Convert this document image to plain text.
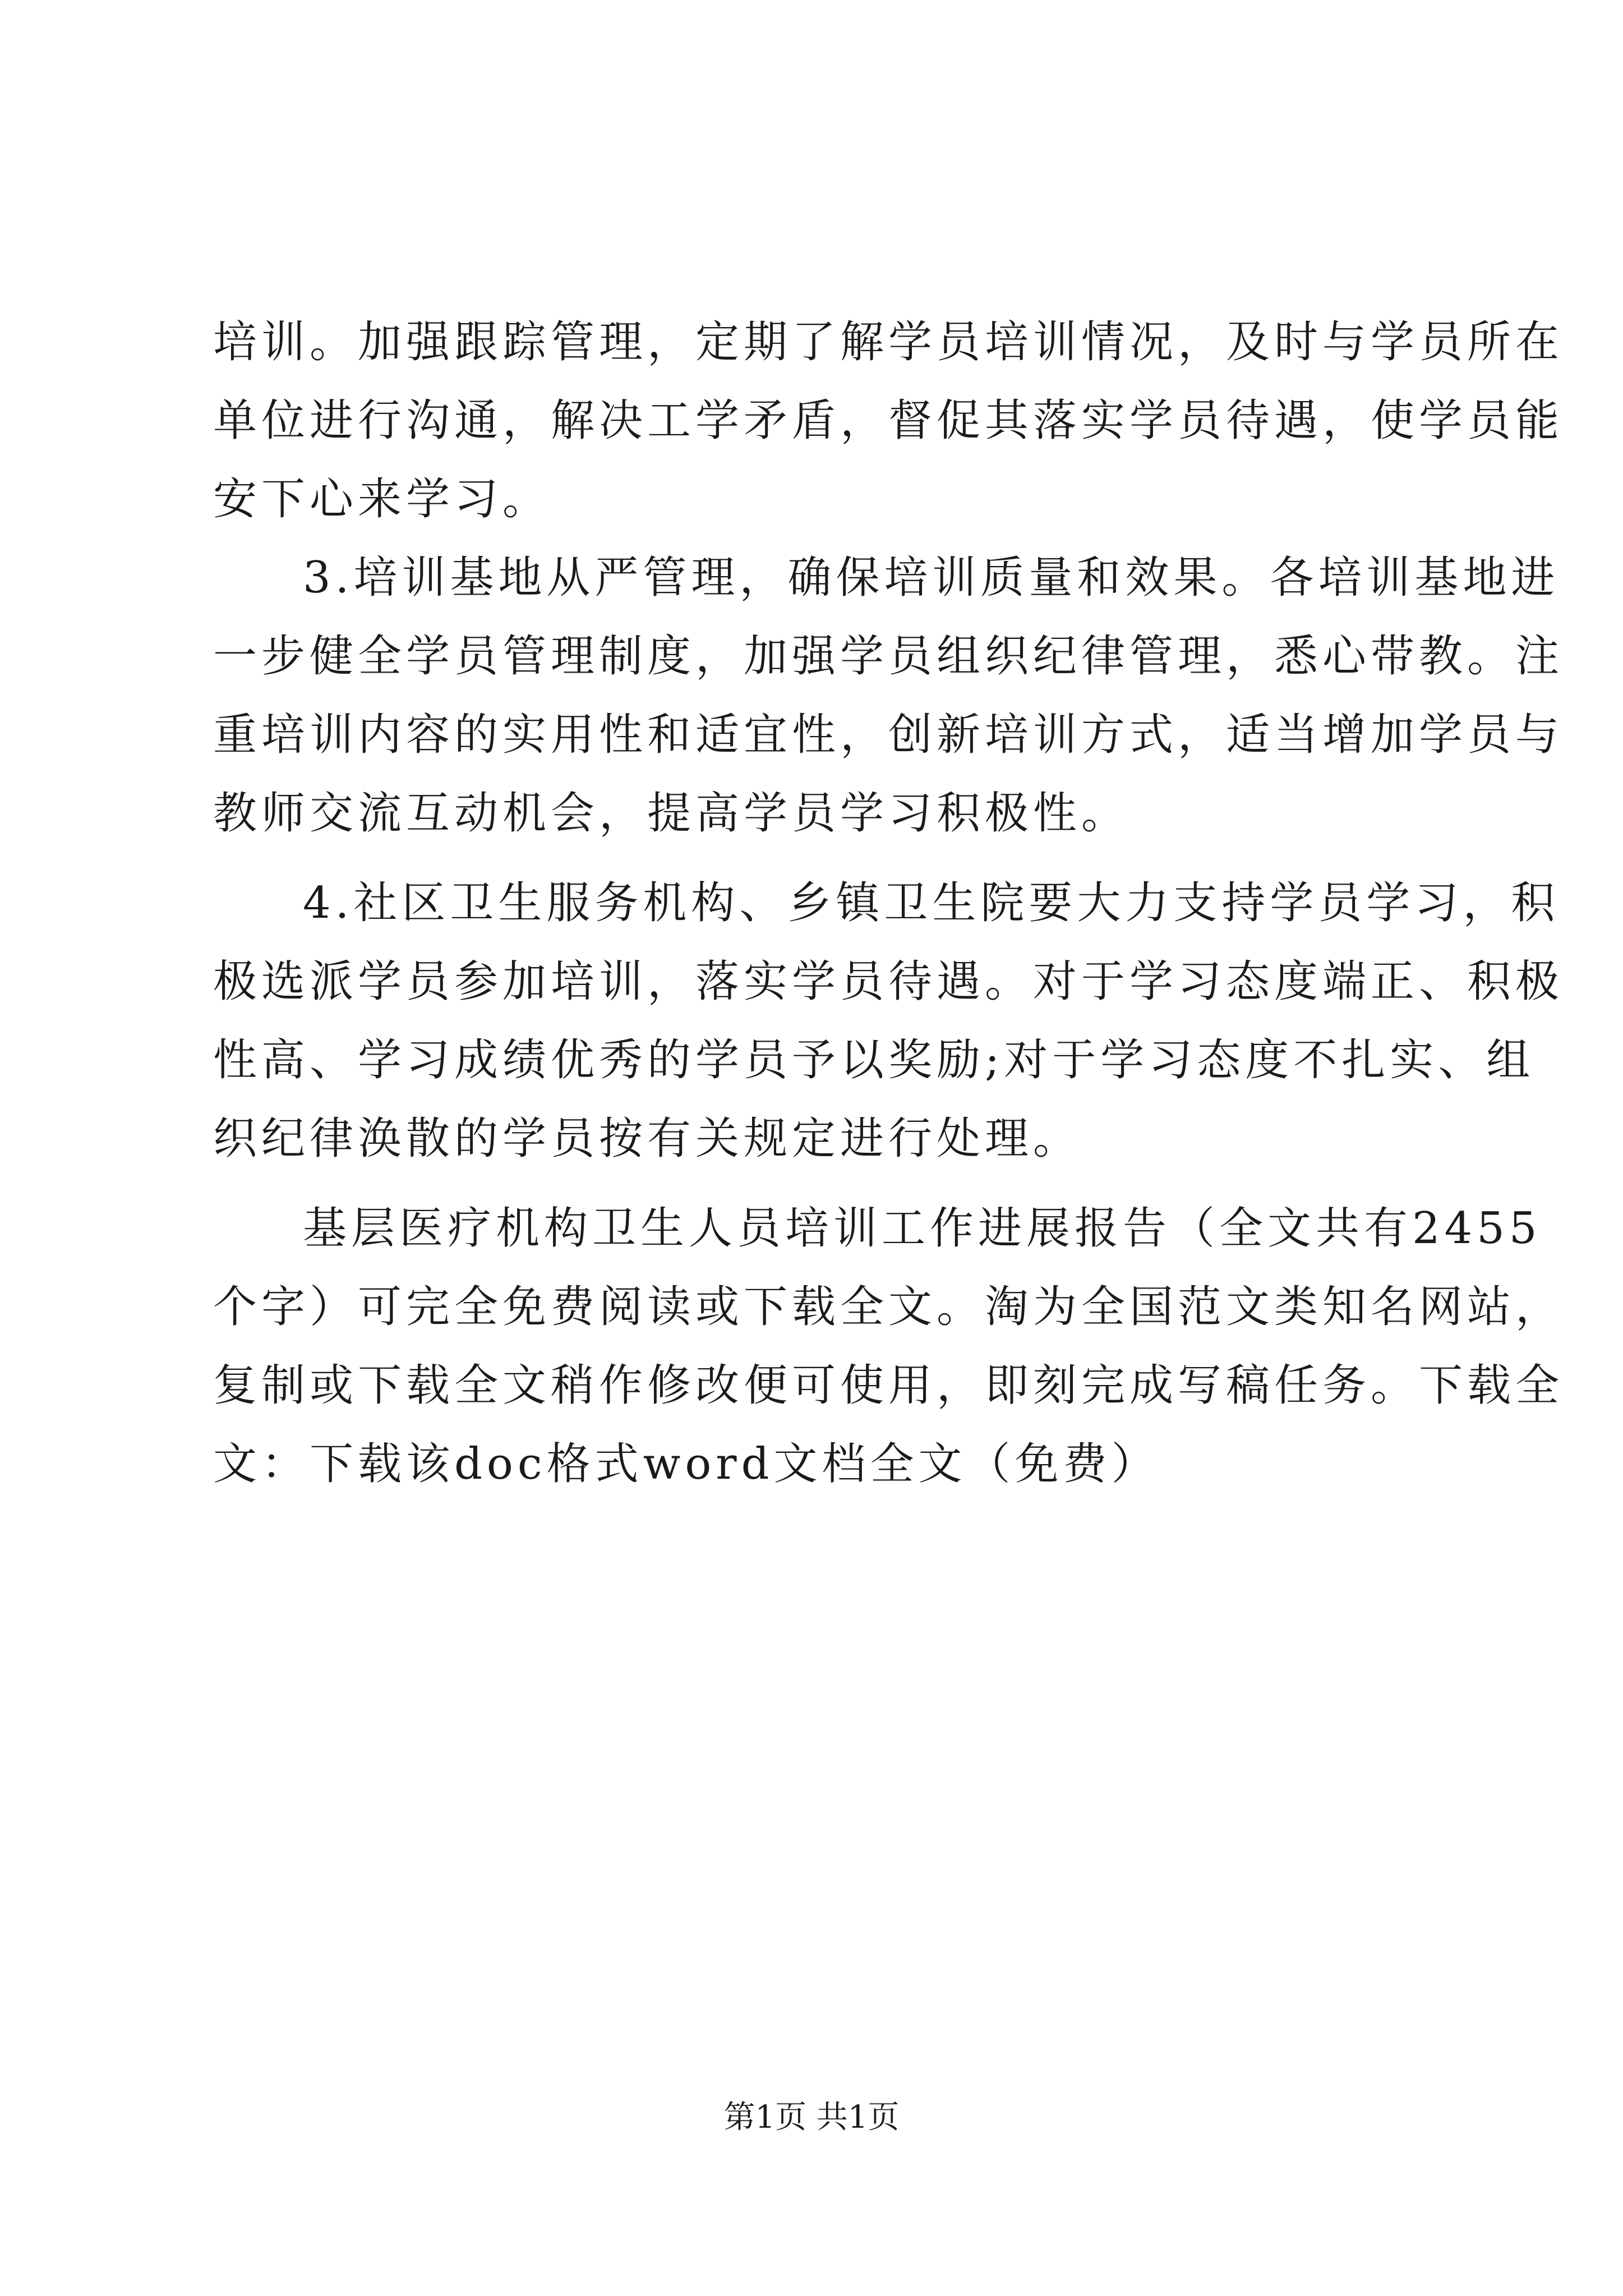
培训。加强跟踪管理，定期了解学员培训情况，及时与学员所在
单位进行沟通，解决工学矛盾，督促其落实学员待遇，使学员能
安下心来学习。
3.培训基地从严管理，确保培训质量和效果。各培训基地进
一步健全学员管理制度，加强学员组织纪律管理，悉心带教。注
重培训内容的实用性和适宜性，创新培训方式，适当增加学员与
教师交流互动机会，提高学员学习积极性。
4.社区卫生服务机构、乡镇卫生院要大力支持学员学习，积
极选派学员参加培训，落实学员待遇。对于学习态度端正、积极
性高、学习成绩优秀的学员予以奖励;对于学习态度不扎实、组
织纪律涣散的学员按有关规定进行处理。
基层医疗机构卫生人员培训工作进展报告（全文共有2455
个字）可完全免费阅读或下载全文。淘为全国范文类知名网站，
复制或下载全文稍作修改便可使用，即刻完成写稿任务。下载全
文：下载该doc格式word文档全文（免费）
第1页 共1页
